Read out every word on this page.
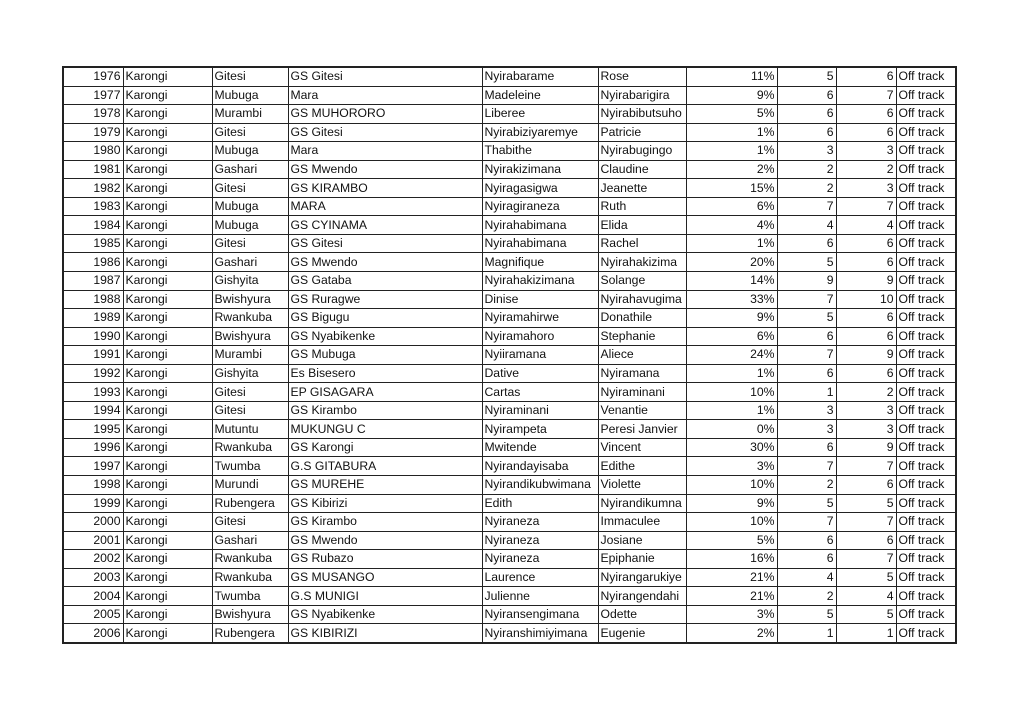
1976	Karongi	Gitesi	GS Gitesi	Nyirabarame	Rose	11%	5	6	Off track
1977	Karongi	Mubuga	Mara	Madeleine	Nyirabarigira	9%	6	7	Off track
1978	Karongi	Murambi	GS MUHORORO	Liberee	Nyirabibutsuho	5%	6	6	Off track
1979	Karongi	Gitesi	GS Gitesi	Nyirabiziyaremye	Patricie	1%	6	6	Off track
1980	Karongi	Mubuga	Mara	Thabithe	Nyirabugingo	1%	3	3	Off track
1981	Karongi	Gashari	GS Mwendo	Nyirakizimana	Claudine	2%	2	2	Off track
1982	Karongi	Gitesi	GS KIRAMBO	Nyiragasigwa	Jeanette	15%	2	3	Off track
1983	Karongi	Mubuga	MARA	Nyiragiraneza	Ruth	6%	7	7	Off track
1984	Karongi	Mubuga	GS CYINAMA	Nyirahabimana	Elida	4%	4	4	Off track
1985	Karongi	Gitesi	GS Gitesi	Nyirahabimana	Rachel	1%	6	6	Off track
1986	Karongi	Gashari	GS Mwendo	Magnifique	Nyirahakizima	20%	5	6	Off track
1987	Karongi	Gishyita	GS Gataba	Nyirahakizimana	Solange	14%	9	9	Off track
1988	Karongi	Bwishyura	GS Ruragwe	Dinise	Nyirahavugima	33%	7	10	Off track
1989	Karongi	Rwankuba	GS Bigugu	Nyiramahirwe	Donathile	9%	5	6	Off track
1990	Karongi	Bwishyura	GS Nyabikenke	Nyiramahoro	Stephanie	6%	6	6	Off track
1991	Karongi	Murambi	GS Mubuga	Nyiiramana	Aliece	24%	7	9	Off track
1992	Karongi	Gishyita	Es Bisesero	Dative	Nyiramana	1%	6	6	Off track
1993	Karongi	Gitesi	EP GISAGARA	Cartas	Nyiraminani	10%	1	2	Off track
1994	Karongi	Gitesi	GS Kirambo	Nyiraminani	Venantie	1%	3	3	Off track
1995	Karongi	Mutuntu	MUKUNGU C	Nyirampeta	Peresi Janvier	0%	3	3	Off track
1996	Karongi	Rwankuba	GS Karongi	Mwitende	Vincent	30%	6	9	Off track
1997	Karongi	Twumba	G.S GITABURA	Nyirandayisaba	Edithe	3%	7	7	Off track
1998	Karongi	Murundi	GS MUREHE	Nyirandikubwimana	Violette	10%	2	6	Off track
1999	Karongi	Rubengera	GS Kibirizi	Edith	Nyirandikumna	9%	5	5	Off track
2000	Karongi	Gitesi	GS Kirambo	Nyiraneza	Immaculee	10%	7	7	Off track
2001	Karongi	Gashari	GS Mwendo	Nyiraneza	Josiane	5%	6	6	Off track
2002	Karongi	Rwankuba	GS Rubazo	Nyiraneza	Epiphanie	16%	6	7	Off track
2003	Karongi	Rwankuba	GS MUSANGO	Laurence	Nyirangarukiye	21%	4	5	Off track
2004	Karongi	Twumba	G.S MUNIGI	Julienne	Nyirangendahi	21%	2	4	Off track
2005	Karongi	Bwishyura	GS Nyabikenke	Nyiransengimana	Odette	3%	5	5	Off track
2006	Karongi	Rubengera	GS KIBIRIZI	Nyiranshimiyimana	Eugenie	2%	1	1	Off track
